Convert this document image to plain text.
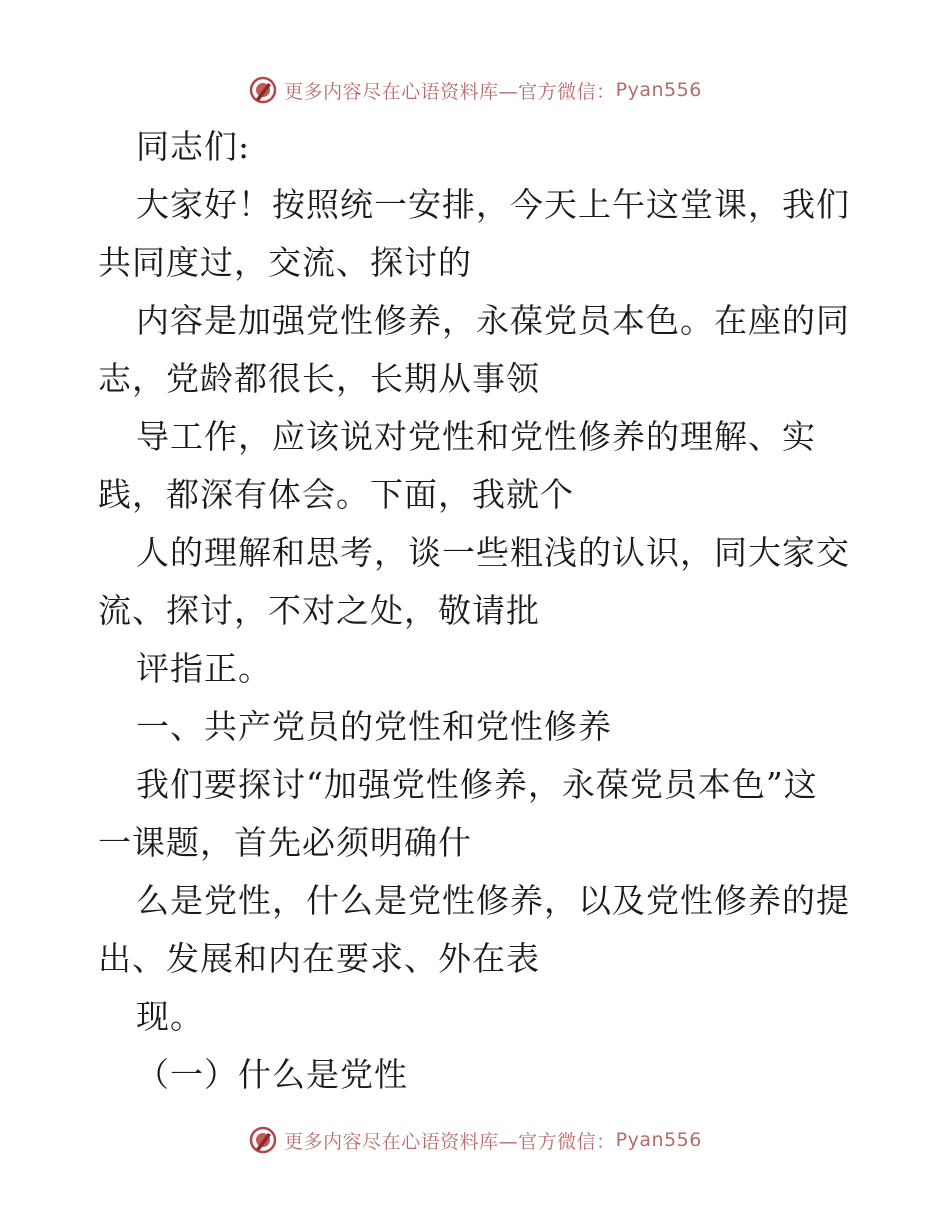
更多内容尽在心语资料库—官方微信： Pyan556
同志们:
大家好！按照统一安排，今天上午这堂课，我们
共同度过，交流、探讨的
内容是加强党性修养，永葆党员本色。在座的同
志，党龄都很长，长期从事领
导工作，应该说对党性和党性修养的理解、实
践，都深有体会。下面，我就个
人的理解和思考，谈一些粗浅的认识，同大家交
流、探讨，不对之处，敬请批
评指正。
一、共产党员的党性和党性修养
我们要探讨“加强党性修养，永葆党员本色”这
一课题，首先必须明确什
么是党性，什么是党性修养，以及党性修养的提
出、发展和内在要求、外在表
现。
（一）什么是党性
更多内容尽在心语资料库—官方微信： Pyan556
